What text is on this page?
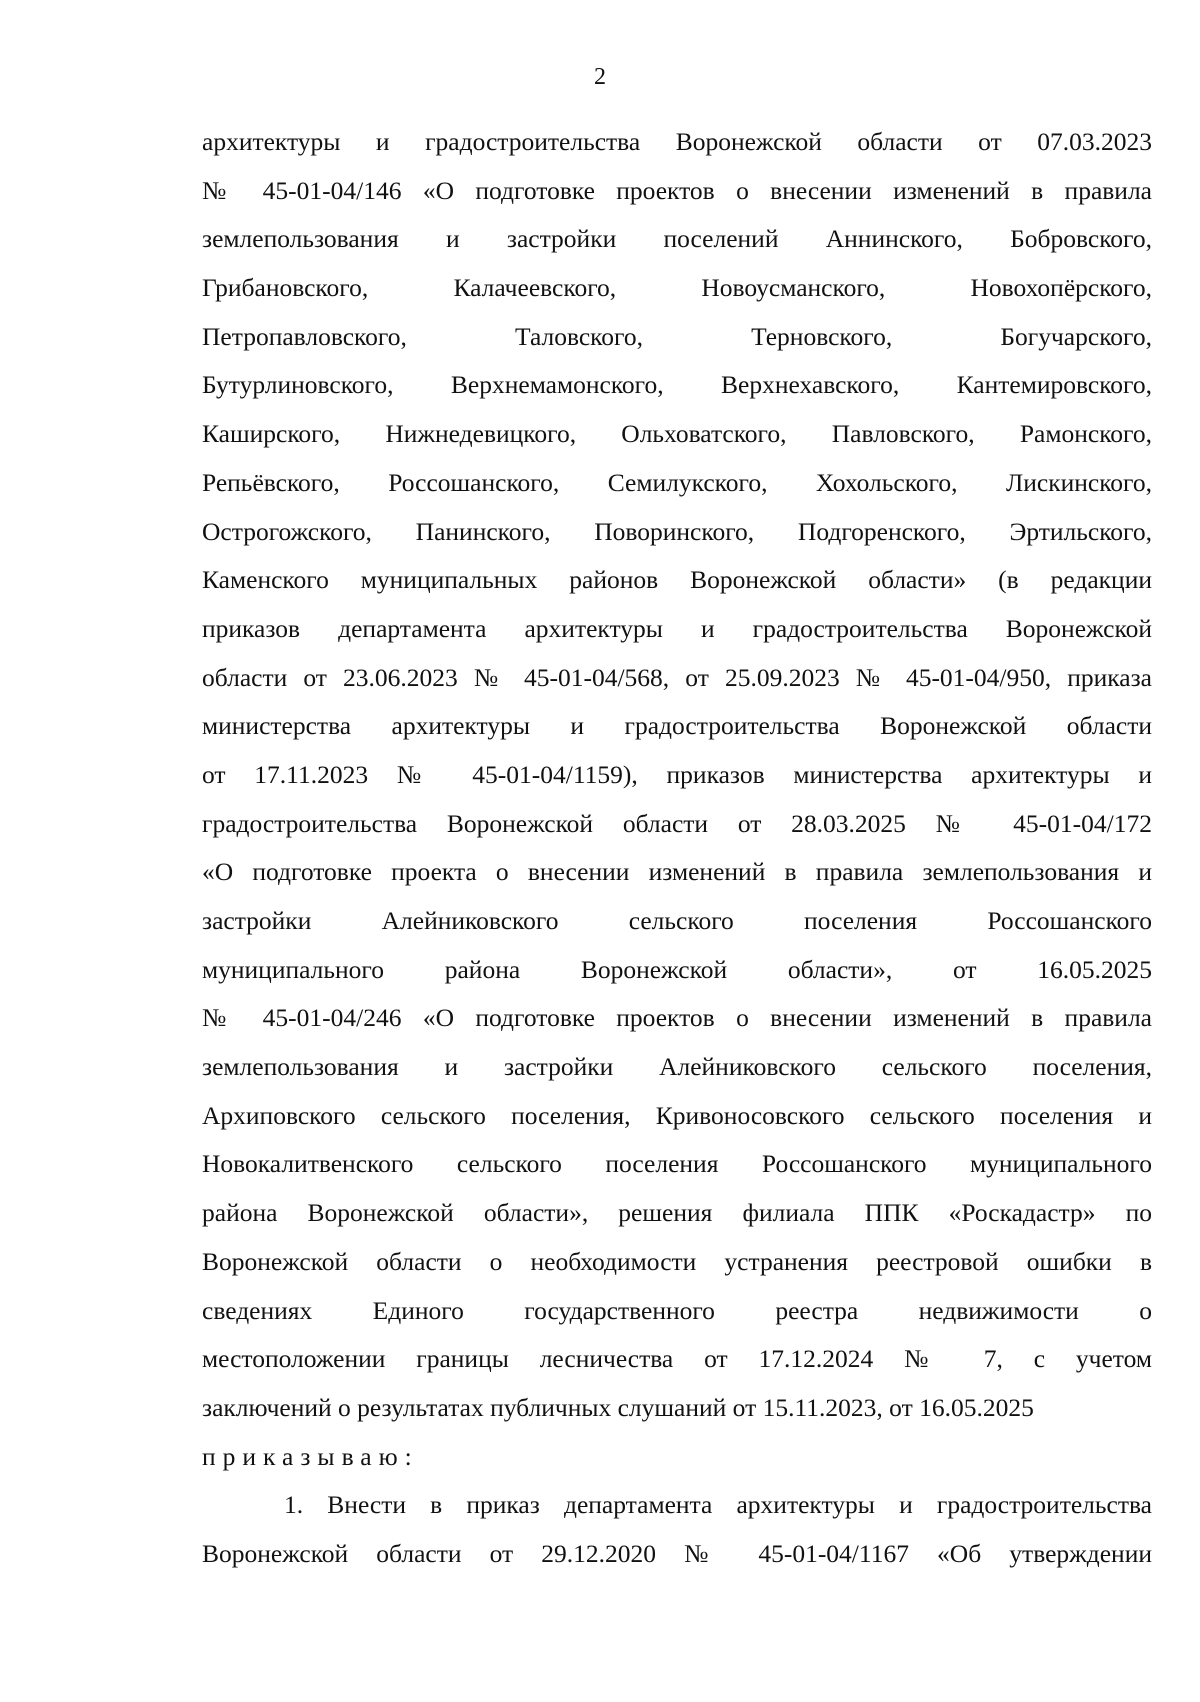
2
архитектуры и градостроительства Воронежской области от 07.03.2023
№ 45-01-04/146 «О подготовке проектов о внесении изменений в правила
землепользования и застройки поселений Аннинского, Бобровского,
Грибановского, Калачеевского, Новоусманского, Новохопёрского,
Петропавловского, Таловского, Терновского, Богучарского,
Бутурлиновского, Верхнемамонского, Верхнехавского, Кантемировского,
Каширского, Нижнедевицкого, Ольховатского, Павловского, Рамонского,
Репьёвского, Россошанского, Семилукского, Хохольского, Лискинского,
Острогожского, Панинского, Поворинского, Подгоренского, Эртильского,
Каменского муниципальных районов Воронежской области» (в редакции
приказов департамента архитектуры и градостроительства Воронежской
области от 23.06.2023 № 45-01-04/568, от 25.09.2023 № 45-01-04/950, приказа
министерства архитектуры и градостроительства Воронежской области
от 17.11.2023 № 45-01-04/1159), приказов министерства архитектуры и
градостроительства Воронежской области от 28.03.2025 № 45-01-04/172
«О подготовке проекта о внесении изменений в правила землепользования и
застройки Алейниковского сельского поселения Россошанского
муниципального района Воронежской области», от 16.05.2025
№ 45-01-04/246 «О подготовке проектов о внесении изменений в правила
землепользования и застройки Алейниковского сельского поселения,
Архиповского сельского поселения, Кривоносовского сельского поселения и
Новокалитвенского сельского поселения Россошанского муниципального
района Воронежской области», решения филиала ППК «Роскадастр» по
Воронежской области о необходимости устранения реестровой ошибки в
сведениях Единого государственного реестра недвижимости о
местоположении границы лесничества от 17.12.2024 № 7, с учетом
заключений о результатах публичных слушаний от 15.11.2023, от 16.05.2025
приказываю:
1. Внести в приказ департамента архитектуры и градостроительства
Воронежской области от 29.12.2020 № 45-01-04/1167 «Об утверждении
